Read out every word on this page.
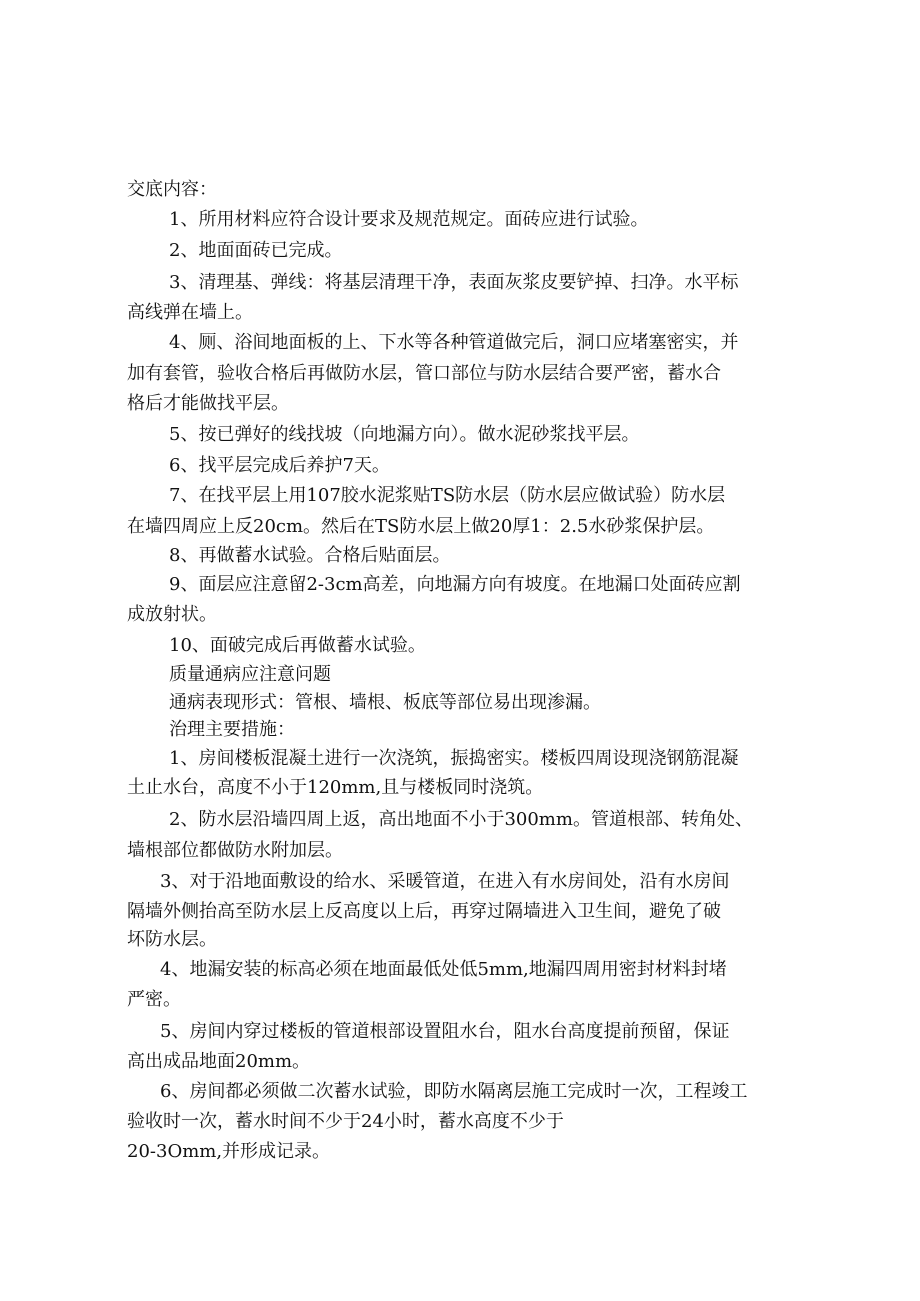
交底内容：
1、所用材料应符合设计要求及规范规定。面砖应进行试验。
2、地面面砖已完成。
3、清理基、弹线：将基层清理干净，表面灰浆皮要铲掉、扫净。水平标
高线弹在墙上。
4、厕、浴间地面板的上、下水等各种管道做完后，洞口应堵塞密实，并
加有套管，验收合格后再做防水层，管口部位与防水层结合要严密，蓄水合
格后才能做找平层。
5、按已弹好的线找坡（向地漏方向）。做水泥砂浆找平层。
6、找平层完成后养护7天。
7、在找平层上用107胶水泥浆贴TS防水层（防水层应做试验）防水层
在墙四周应上反20cm。然后在TS防水层上做20厚1：2.5水砂浆保护层。
8、再做蓄水试验。合格后贴面层。
9、面层应注意留2-3cm高差，向地漏方向有坡度。在地漏口处面砖应割
成放射状。
10、面破完成后再做蓄水试验。
质量通病应注意问题
通病表现形式：管根、墙根、板底等部位易出现渗漏。
治理主要措施：
1、房间楼板混凝土进行一次浇筑，振捣密实。楼板四周设现浇钢筋混凝
土止水台，高度不小于120mm,且与楼板同时浇筑。
2、防水层沿墙四周上返，高出地面不小于300mm。管道根部、转角处、
墙根部位都做防水附加层。
3、对于沿地面敷设的给水、采暖管道，在进入有水房间处，沿有水房间
隔墙外侧抬高至防水层上反高度以上后，再穿过隔墙进入卫生间，避免了破
坏防水层。
4、地漏安装的标高必须在地面最低处低5mm,地漏四周用密封材料封堵
严密。
5、房间内穿过楼板的管道根部设置阻水台，阻水台高度提前预留，保证
高出成品地面20mm。
6、房间都必须做二次蓄水试验，即防水隔离层施工完成时一次，工程竣工
验收时一次，蓄水时间不少于24小时，蓄水高度不少于
20-3Omm,并形成记录。
